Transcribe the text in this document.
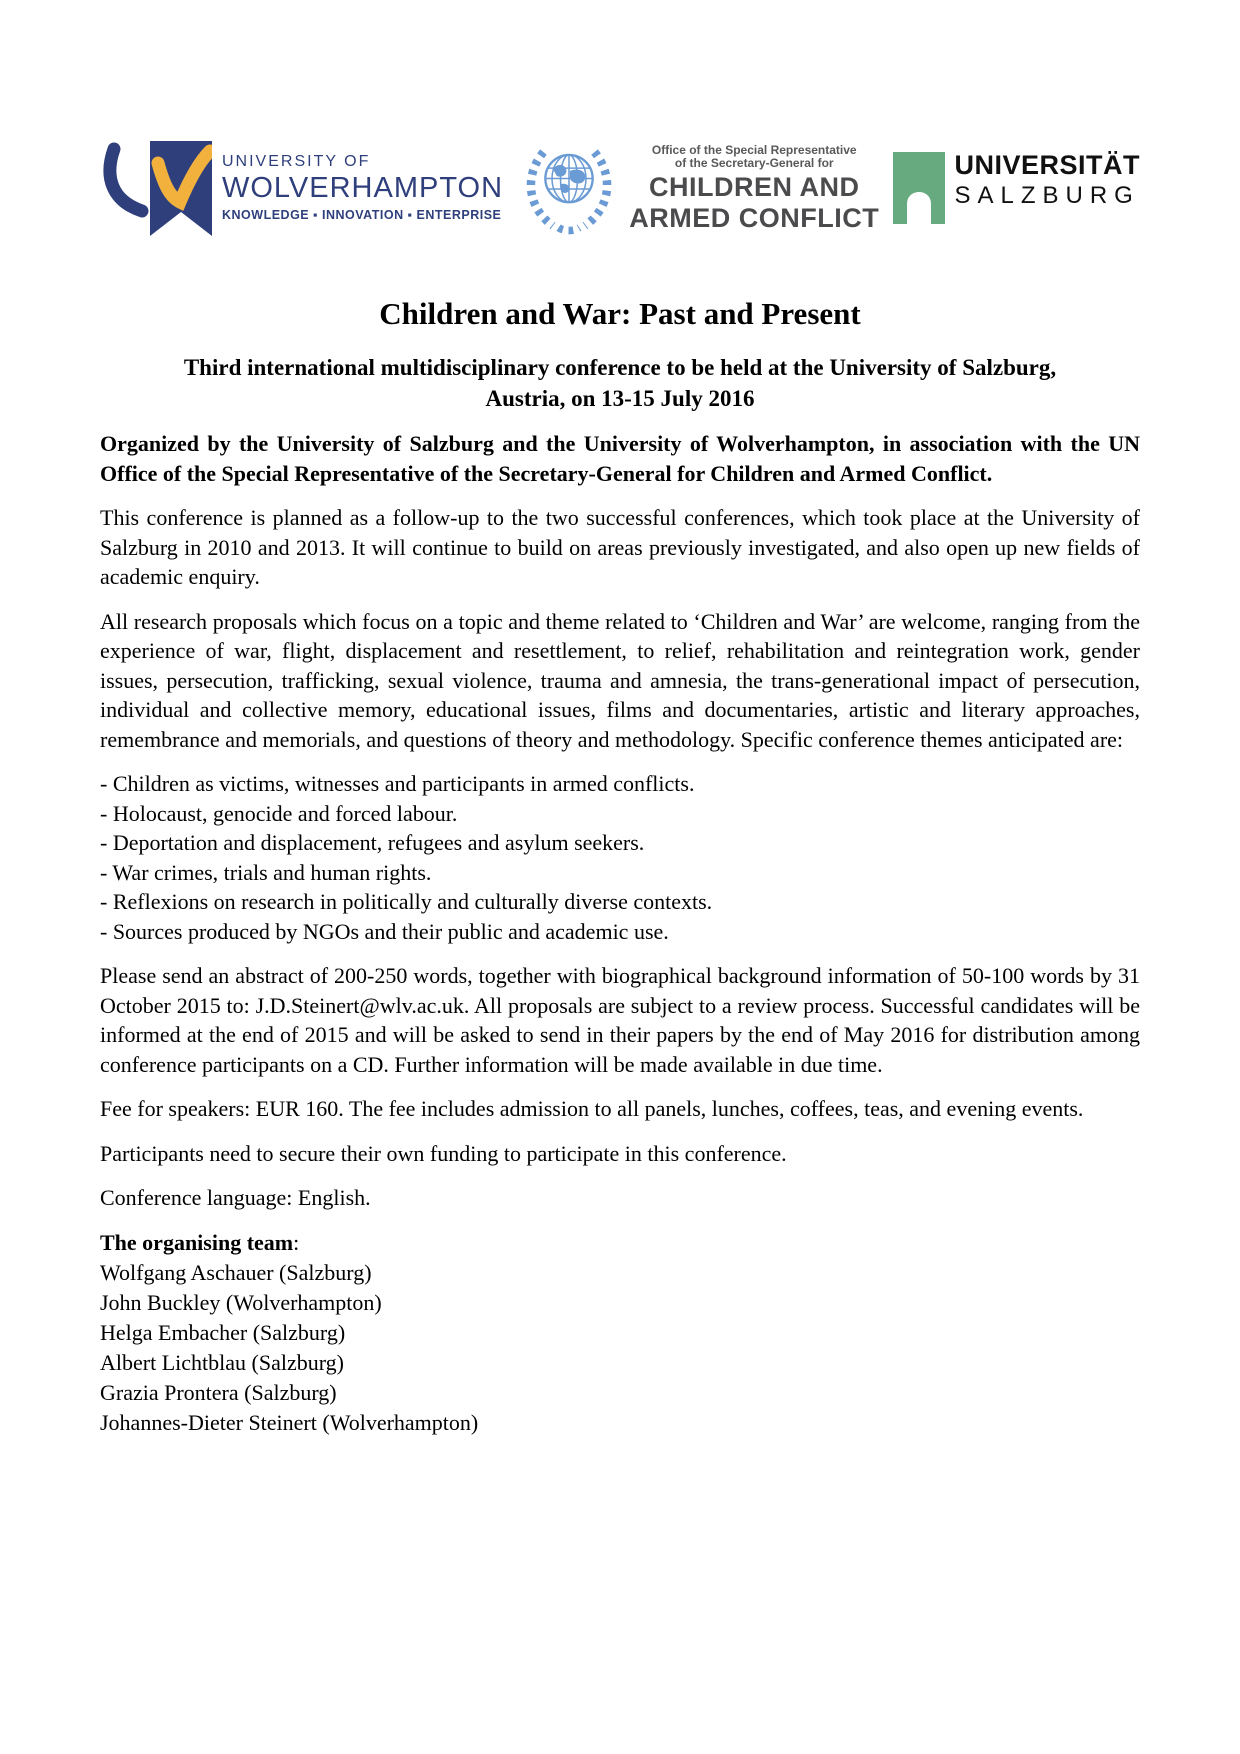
UNIVERSITY OF
WOLVERHAMPTON
KNOWLEDGE ▪ INNOVATION ▪ ENTERPRISE
Office of the Special Representative
of the Secretary-General for
CHILDREN AND
ARMED CONFLICT
UNIVERSITÄT
SALZBURG
Children and War: Past and Present
Third international multidisciplinary conference to be held at the University of Salzburg,
Austria, on 13-15 July 2016

Organized by the University of Salzburg and the University of Wolverhampton, in association with the UN Office of the Special Representative of the Secretary-General for Children and Armed Conflict.

This conference is planned as a follow-up to the two successful conferences, which took place at the University of Salzburg in 2010 and 2013. It will continue to build on areas previously investigated, and also open up new fields of academic enquiry.

All research proposals which focus on a topic and theme related to ‘Children and War’ are welcome, ranging from the experience of war, flight, displacement and resettlement, to relief, rehabilitation and reintegration work, gender issues, persecution, trafficking, sexual violence, trauma and amnesia, the trans-generational impact of persecution, individual and collective memory, educational issues, films and documentaries, artistic and literary approaches, remembrance and memorials, and questions of theory and methodology. Specific conference themes anticipated are:

- Children as victims, witnesses and participants in armed conflicts.
- Holocaust, genocide and forced labour.
- Deportation and displacement, refugees and asylum seekers.
- War crimes, trials and human rights.
- Reflexions on research in politically and culturally diverse contexts.
- Sources produced by NGOs and their public and academic use.

Please send an abstract of 200-250 words, together with biographical background information of 50-100 words by 31 October 2015 to: J.D.Steinert@wlv.ac.uk. All proposals are subject to a review process. Successful candidates will be informed at the end of 2015 and will be asked to send in their papers by the end of May 2016 for distribution among conference participants on a CD. Further information will be made available in due time.

Fee for speakers: EUR 160. The fee includes admission to all panels, lunches, coffees, teas, and evening events.

Participants need to secure their own funding to participate in this conference.

Conference language: English.

The organising team:
Wolfgang Aschauer (Salzburg)
John Buckley (Wolverhampton)
Helga Embacher (Salzburg)
Albert Lichtblau (Salzburg)
Grazia Prontera (Salzburg)
Johannes-Dieter Steinert (Wolverhampton)
